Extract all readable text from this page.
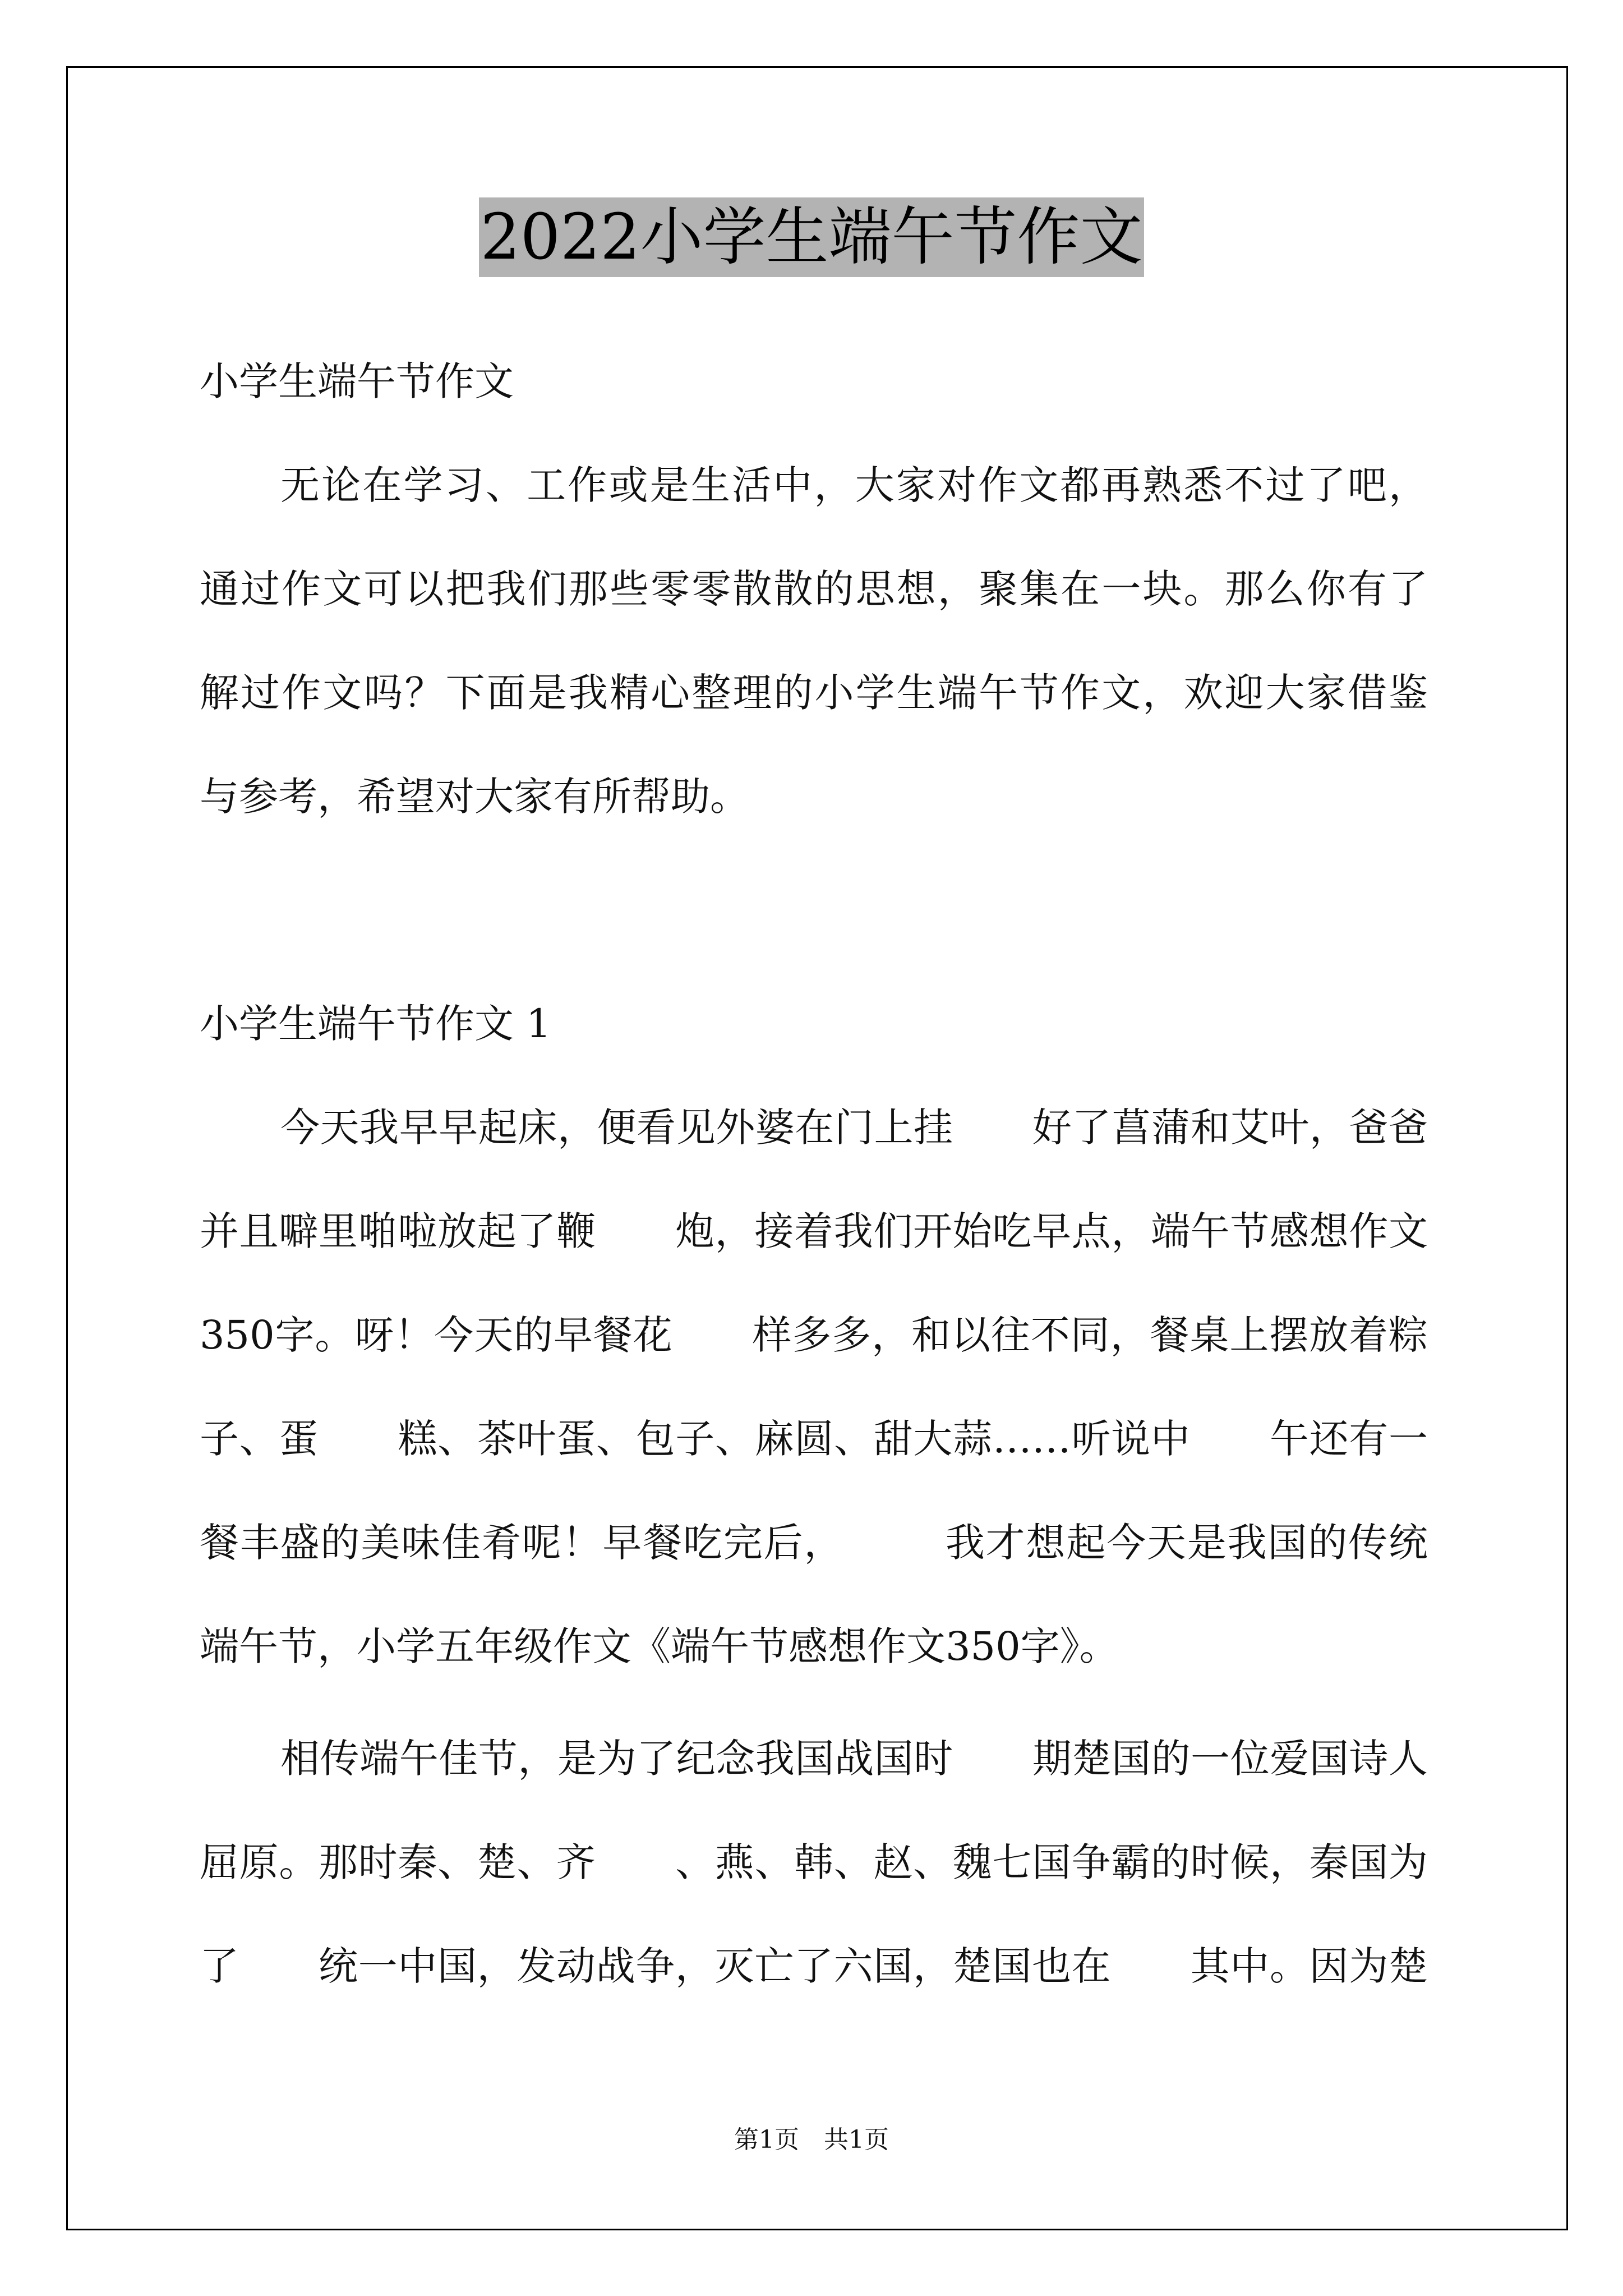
2022小学生端午节作文

小学生端午节作文

无论在学习、工作或是生活中，大家对作文都再熟悉不过了吧，

通过作文可以把我们那些零零散散的思想，聚集在一块。那么你有了

解过作文吗？下面是我精心整理的小学生端午节作文，欢迎大家借鉴

与参考，希望对大家有所帮助。

小学生端午节作文 1

今天我早早起床，便看见外婆在门上挂　　好了菖蒲和艾叶，爸爸

并且噼里啪啦放起了鞭　　炮，接着我们开始吃早点，端午节感想作文

350字。呀！今天的早餐花　　样多多，和以往不同，餐桌上摆放着粽

子、蛋　　糕、茶叶蛋、包子、麻圆、甜大蒜……听说中　　午还有一

餐丰盛的美味佳肴呢！早餐吃完后，　　　我才想起今天是我国的传统

端午节，小学五年级作文《端午节感想作文350字》。

相传端午佳节，是为了纪念我国战国时　　期楚国的一位爱国诗人

屈原。那时秦、楚、齐　　、燕、韩、赵、魏七国争霸的时候，秦国为

了　　统一中国，发动战争，灭亡了六国，楚国也在　　其中。因为楚

第1页　共1页
